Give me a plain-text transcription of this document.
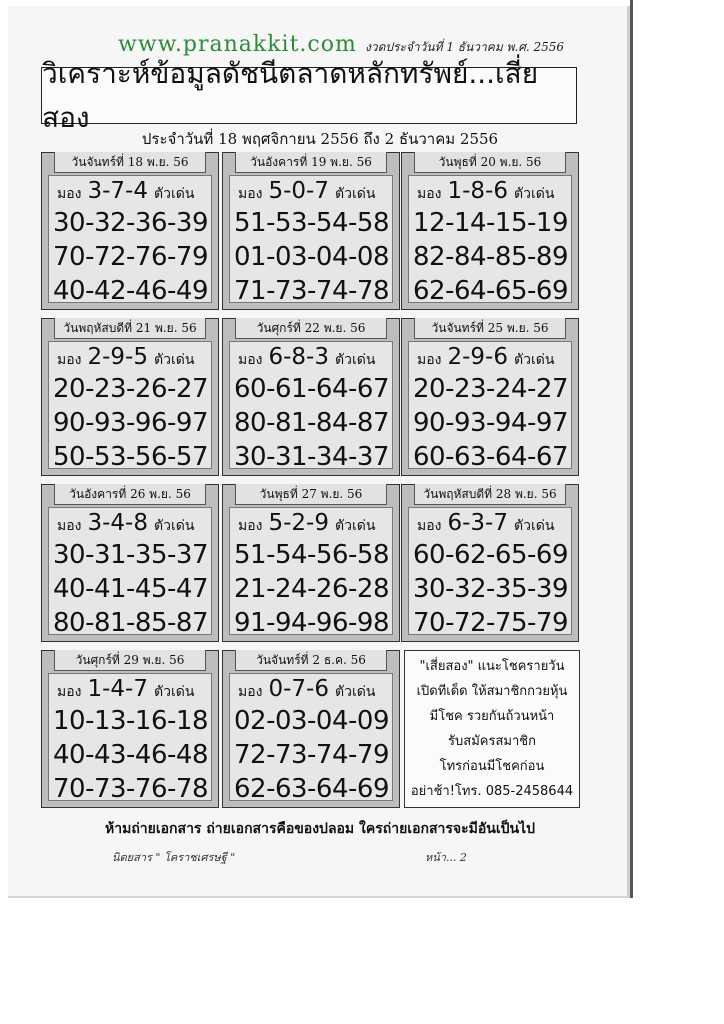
www.pranakkit.com งวดประจำวันที่ 1 ธันวาคม พ.ศ. 2556
วิเคราะห์ข้อมูลดัชนีตลาดหลักทรัพย์...เสี่ยสอง
ประจำวันที่ 18 พฤศจิกายน 2556 ถึง 2 ธันวาคม 2556
วันจันทร์ที่ 18 พ.ย. 56
มอง 3-7-4 ตัวเด่น
30-32-36-39
70-72-76-79
40-42-46-49
วันอังคารที่ 19 พ.ย. 56
มอง 5-0-7 ตัวเด่น
51-53-54-58
01-03-04-08
71-73-74-78
วันพุธที่ 20 พ.ย. 56
มอง 1-8-6 ตัวเด่น
12-14-15-19
82-84-85-89
62-64-65-69
วันพฤหัสบดีที่ 21 พ.ย. 56
มอง 2-9-5 ตัวเด่น
20-23-26-27
90-93-96-97
50-53-56-57
วันศุกร์ที่ 22 พ.ย. 56
มอง 6-8-3 ตัวเด่น
60-61-64-67
80-81-84-87
30-31-34-37
วันจันทร์ที่ 25 พ.ย. 56
มอง 2-9-6 ตัวเด่น
20-23-24-27
90-93-94-97
60-63-64-67
วันอังคารที่ 26 พ.ย. 56
มอง 3-4-8 ตัวเด่น
30-31-35-37
40-41-45-47
80-81-85-87
วันพุธที่ 27 พ.ย. 56
มอง 5-2-9 ตัวเด่น
51-54-56-58
21-24-26-28
91-94-96-98
วันพฤหัสบดีที่ 28 พ.ย. 56
มอง 6-3-7 ตัวเด่น
60-62-65-69
30-32-35-39
70-72-75-79
วันศุกร์ที่ 29 พ.ย. 56
มอง 1-4-7 ตัวเด่น
10-13-16-18
40-43-46-48
70-73-76-78
วันจันทร์ที่ 2 ธ.ค. 56
มอง 0-7-6 ตัวเด่น
02-03-04-09
72-73-74-79
62-63-64-69
"เสี่ยสอง" แนะโชครายวัน
เปิดทีเด็ด ให้สมาชิกกวยหุ้น
มีโชค รวยกันถ้วนหน้า
รับสมัครสมาชิก
โทรก่อนมีโชคก่อน
อย่าช้า!โทร. 085-2458644
ห้ามถ่ายเอกสาร ถ่ายเอกสารคือของปลอม ใครถ่ายเอกสารจะมีอันเป็นไป
นิตยสาร " โคราชเศรษฐี "	หน้า... 2
